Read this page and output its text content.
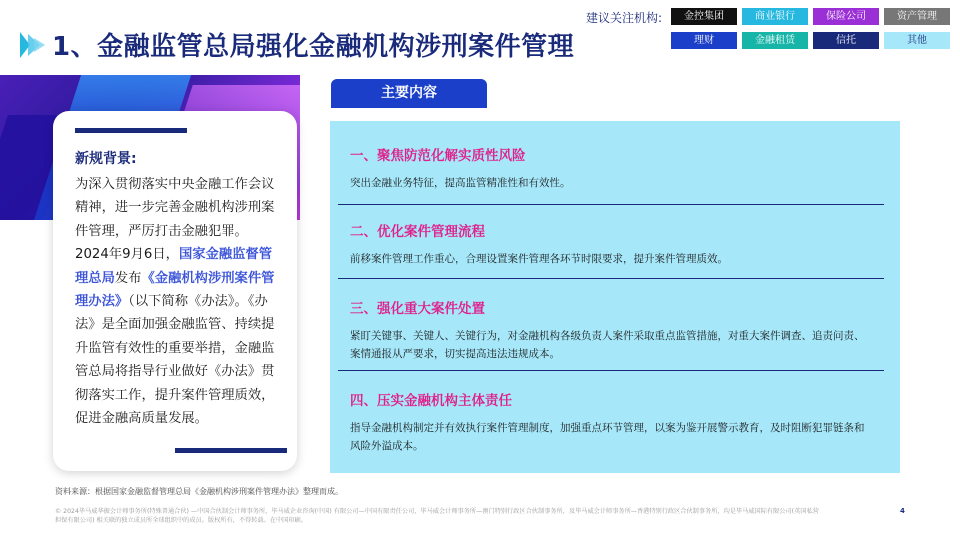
1、金融监管总局强化金融机构涉刑案件管理
建议关注机构:	金控集团	商业银行	保险公司	资产管理
理财	金融租赁	信托	其他
新规背景:
为深入贯彻落实中央金融工作会议精神，进一步完善金融机构涉刑案件管理，严厉打击金融犯罪。2024年9月6日，国家金融监督管理总局发布《金融机构涉刑案件管理办法》（以下简称《办法》。《办法》是全面加强金融监管、持续提升监管有效性的重要举措，金融监管总局将指导行业做好《办法》贯彻落实工作，提升案件管理质效，促进金融高质量发展。
主要内容
一、聚焦防范化解实质性风险
突出金融业务特征，提高监管精准性和有效性。
二、优化案件管理流程
前移案件管理工作重心，合理设置案件管理各环节时限要求，提升案件管理质效。
三、强化重大案件处置
紧盯关键事、关键人、关键行为，对金融机构各级负责人案件采取重点监管措施，对重大案件调查、追责问责、案情通报从严要求，切实提高违法违规成本。
四、压实金融机构主体责任
指导金融机构制定并有效执行案件管理制度，加强重点环节管理，以案为鉴开展警示教育，及时阻断犯罪链条和风险外溢成本。
资料来源：根据国家金融监督管理总局《金融机构涉刑案件管理办法》整理而成。
© 2024毕马威华振会计师事务所(特殊普通合伙) —中国合伙制会计师事务所，毕马威企业咨询(中国) 有限公司—中国有限责任公司，毕马威会计师事务所—澳门特别行政区合伙制事务所，及毕马威会计师事务所—香港特别行政区合伙制事务所，均是毕马威国际有限公司(英国私营担保有限公司) 相关联的独立成员所全球组织中的成员。版权所有，不得转载。在中国印刷。
4
